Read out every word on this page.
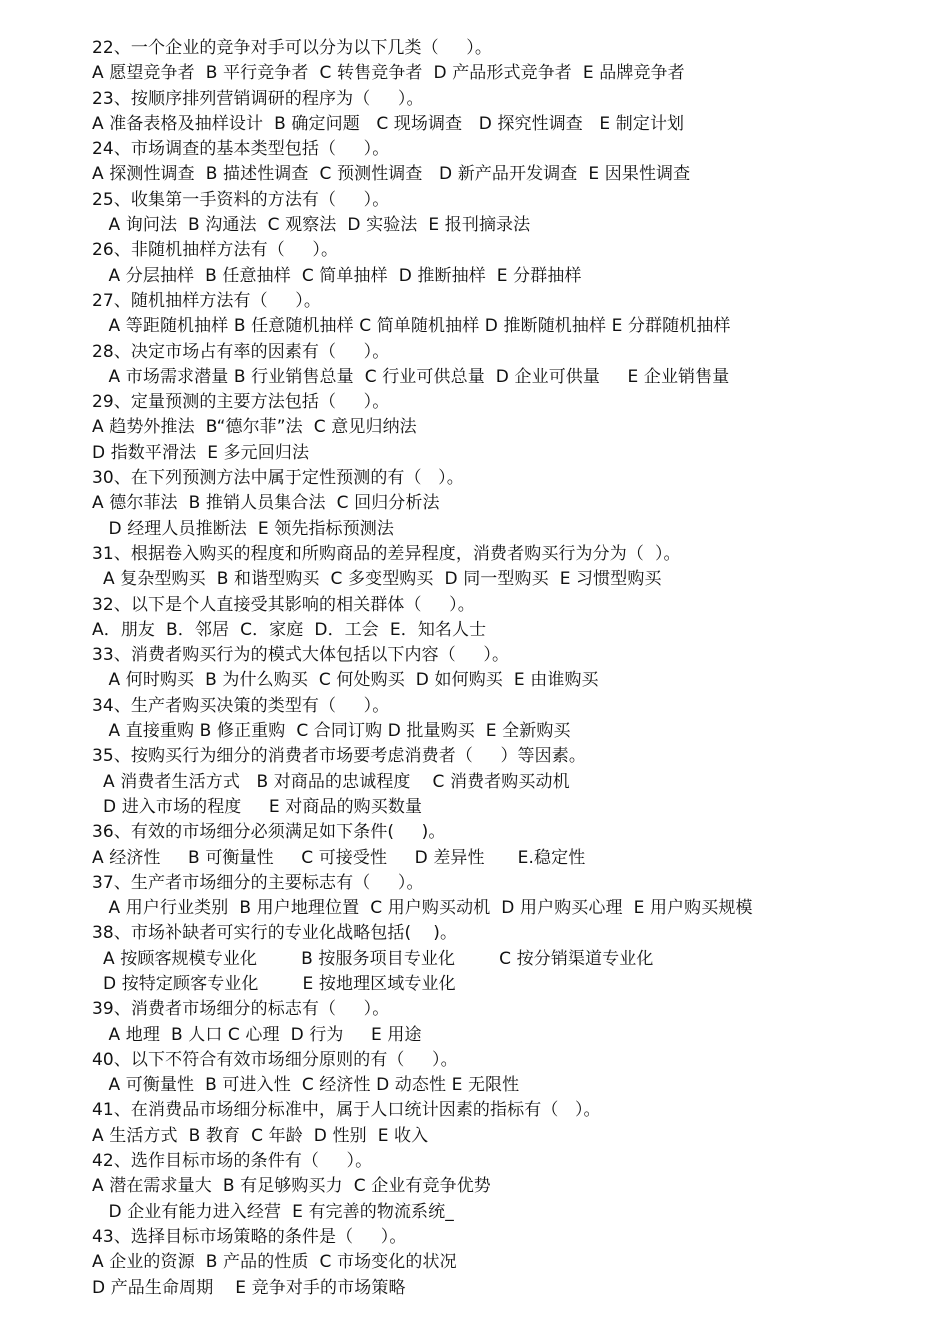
22、一个企业的竞争对手可以分为以下几类（     ）。
A 愿望竞争者  B 平行竞争者  C 转售竞争者  D 产品形式竞争者  E 品牌竞争者
23、按顺序排列营销调研的程序为（     ）。
A 准备表格及抽样设计  B 确定问题   C 现场调查   D 探究性调查   E 制定计划
24、市场调查的基本类型包括（     ）。
A 探测性调查  B 描述性调查  C 预测性调查   D 新产品开发调查  E 因果性调查
25、收集第一手资料的方法有（     ）。
A 询问法  B 沟通法  C 观察法  D 实验法  E 报刊摘录法
26、非随机抽样方法有（     ）。
A 分层抽样  B 任意抽样  C 简单抽样  D 推断抽样  E 分群抽样
27、随机抽样方法有（     ）。
A 等距随机抽样 B 任意随机抽样 C 简单随机抽样 D 推断随机抽样 E 分群随机抽样
28、决定市场占有率的因素有（     ）。
A 市场需求潜量 B 行业销售总量  C 行业可供总量  D 企业可供量     E 企业销售量
29、定量预测的主要方法包括（     ）。
A 趋势外推法  B“德尔菲”法  C 意见归纳法
D 指数平滑法  E 多元回归法
30、在下列预测方法中属于定性预测的有（   ）。
A 德尔菲法  B 推销人员集合法  C 回归分析法
D 经理人员推断法  E 领先指标预测法
31、根据卷入购买的程度和所购商品的差异程度，消费者购买行为分为（  ）。
A 复杂型购买  B 和谐型购买  C 多变型购买  D 同一型购买  E 习惯型购买
32、以下是个人直接受其影响的相关群体（     ）。
A．朋友  B．邻居  C．家庭  D．工会  E．知名人士
33、消费者购买行为的模式大体包括以下内容（     ）。
A 何时购买  B 为什么购买  C 何处购买  D 如何购买  E 由谁购买
34、生产者购买决策的类型有（     ）。
A 直接重购 B 修正重购  C 合同订购 D 批量购买  E 全新购买
35、按购买行为细分的消费者市场要考虑消费者（     ）等因素。
A 消费者生活方式   B 对商品的忠诚程度    C 消费者购买动机
D 进入市场的程度     E 对商品的购买数量
36、有效的市场细分必须满足如下条件(     )。
A 经济性     B 可衡量性     C 可接受性     D 差异性      E.稳定性
37、生产者市场细分的主要标志有（     ）。
A 用户行业类别  B 用户地理位置  C 用户购买动机  D 用户购买心理  E 用户购买规模
38、市场补缺者可实行的专业化战略包括(    )。
A 按顾客规模专业化        B 按服务项目专业化        C 按分销渠道专业化
D 按特定顾客专业化        E 按地理区域专业化
39、消费者市场细分的标志有（     ）。
A 地理  B 人口 C 心理  D 行为     E 用途
40、以下不符合有效市场细分原则的有（     ）。
A 可衡量性  B 可进入性  C 经济性 D 动态性 E 无限性
41、在消费品市场细分标准中，属于人口统计因素的指标有（   ）。
A 生活方式  B 教育  C 年龄  D 性别  E 收入
42、选作目标市场的条件有（     ）。
A 潜在需求量大  B 有足够购买力  C 企业有竞争优势
D 企业有能力进入经营  E 有完善的物流系统_
43、选择目标市场策略的条件是（     ）。
A 企业的资源  B 产品的性质  C 市场变化的状况
D 产品生命周期    E 竞争对手的市场策略
